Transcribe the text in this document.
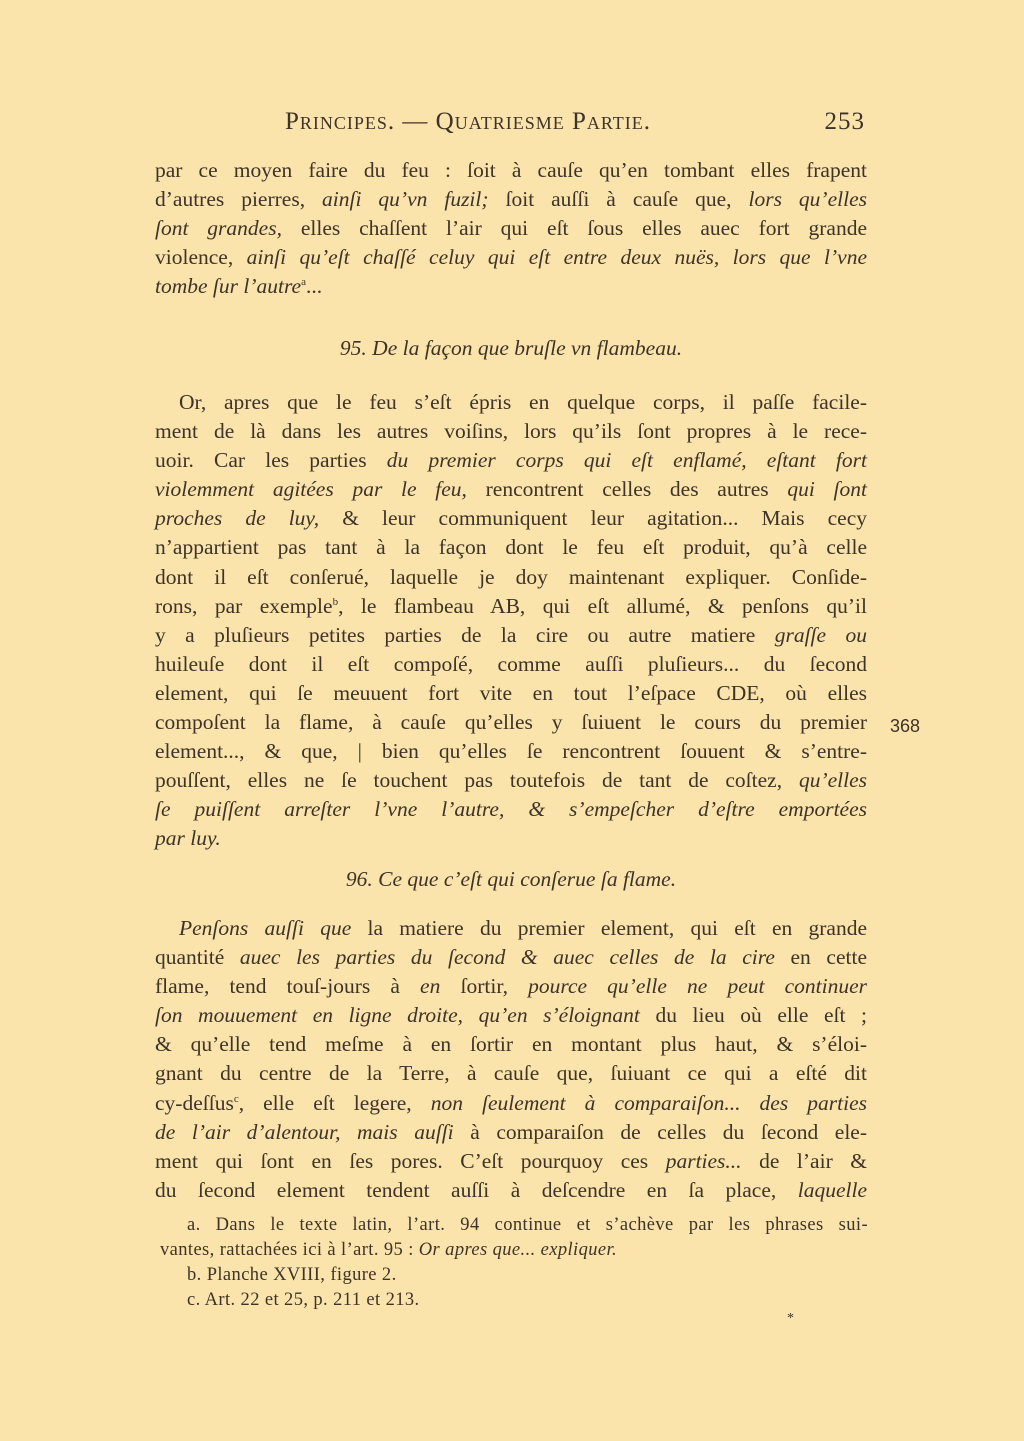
Principes. — Quatriesme Partie.	253
par ce moyen faire du feu : ſoit à cauſe qu’en tombant elles frapent
d’autres pierres, ainſi qu’vn fuzil; ſoit auſſi à cauſe que, lors qu’elles
ſont grandes, elles chaſſent l’air qui eſt ſous elles auec fort grande
violence, ainſi qu’eſt chaſſé celuy qui eſt entre deux nuës, lors que l’vne
tombe ſur l’autre$^a$...
95. De la façon que bruſle vn flambeau.
Or, apres que le feu s’eſt épris en quelque corps, il paſſe facile-
ment de là dans les autres voiſins, lors qu’ils ſont propres à le rece-
uoir. Car les parties du premier corps qui eſt enflamé, eſtant fort
violemment agitées par le feu, rencontrent celles des autres qui ſont
proches de luy, & leur communiquent leur agitation... Mais cecy
n’appartient pas tant à la façon dont le feu eſt produit, qu’à celle
dont il eſt conſerué, laquelle je doy maintenant expliquer. Conſide-
rons, par exemple$^b$, le flambeau AB, qui eſt allumé, & penſons qu’il
y a pluſieurs petites parties de la cire ou autre matiere graſſe ou
huileuſe dont il eſt compoſé, comme auſſi pluſieurs... du ſecond
element, qui ſe meuuent fort vite en tout l’eſpace CDE, où elles
compoſent la flame, à cauſe qu’elles y ſuiuent le cours du premier
element..., & que, | bien qu’elles ſe rencontrent ſouuent & s’entre-
pouſſent, elles ne ſe touchent pas toutefois de tant de coſtez, qu’elles
ſe puiſſent arreſter l’vne l’autre, & s’empeſcher d’eſtre emportées
par luy.
368
96. Ce que c’eſt qui conſerue ſa flame.
Penſons auſſi que la matiere du premier element, qui eſt en grande
quantité auec les parties du ſecond & auec celles de la cire en cette
flame, tend touſ-jours à en ſortir, pource qu’elle ne peut continuer
ſon mouuement en ligne droite, qu’en s’éloignant du lieu où elle eſt ;
& qu’elle tend meſme à en ſortir en montant plus haut, & s’éloi-
gnant du centre de la Terre, à cauſe que, ſuiuant ce qui a eſté dit
cy-deſſus$^c$, elle eſt legere, non ſeulement à comparaiſon... des parties
de l’air d’alentour, mais auſſi à comparaiſon de celles du ſecond ele-
ment qui ſont en ſes pores. C’eſt pourquoy ces parties... de l’air &
du ſecond element tendent auſſi à deſcendre en ſa place, laquelle
a. Dans le texte latin, l’art. 94 continue et s’achève par les phrases sui-
vantes, rattachées ici à l’art. 95 : Or apres que... expliquer.
b. Planche XVIII, figure 2.
c. Art. 22 et 25, p. 211 et 213.
*
